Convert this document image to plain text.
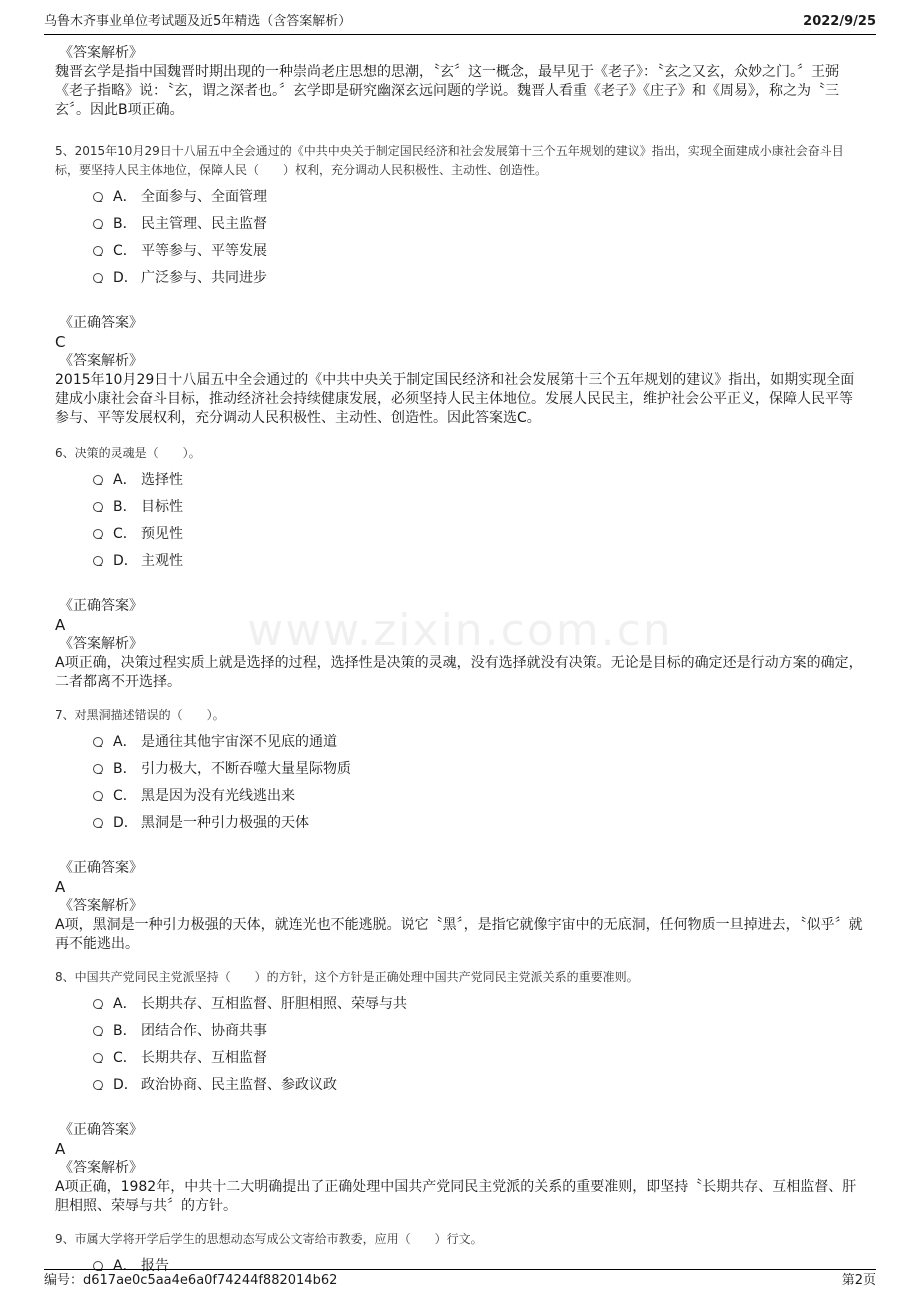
乌鲁木齐事业单位考试题及近5年精选（含答案解析）	2022/9/25
www.zixin.com.cn
《答案解析》
魏晋玄学是指中国魏晋时期出现的一种崇尚老庄思想的思潮，〝玄〞这一概念，最早见于《老子》：〝玄之又玄，众妙之门。〞王弼《老子指略》说：〝玄，谓之深者也。〞玄学即是研究幽深玄远问题的学说。魏晋人看重《老子》《庄子》和《周易》，称之为〝三玄〞。因此B项正确。
5、2015年10月29日十八届五中全会通过的《中共中央关于制定国民经济和社会发展第十三个五年规划的建议》指出，实现全面建成小康社会奋斗目标，要坚持人民主体地位，保障人民（　　）权利，充分调动人民积极性、主动性、创造性。
A． 全面参与、全面管理
B． 民主管理、民主监督
C． 平等参与、平等发展
D． 广泛参与、共同进步
《正确答案》
C
《答案解析》
2015年10月29日十八届五中全会通过的《中共中央关于制定国民经济和社会发展第十三个五年规划的建议》指出，如期实现全面建成小康社会奋斗目标，推动经济社会持续健康发展，必须坚持人民主体地位。发展人民民主，维护社会公平正义，保障人民平等参与、平等发展权利，充分调动人民积极性、主动性、创造性。因此答案选C。
6、决策的灵魂是（　　）。
A． 选择性
B． 目标性
C． 预见性
D． 主观性
《正确答案》
A
《答案解析》
A项正确，决策过程实质上就是选择的过程，选择性是决策的灵魂，没有选择就没有决策。无论是目标的确定还是行动方案的确定，二者都离不开选择。
7、对黑洞描述错误的（　　）。
A． 是通往其他宇宙深不见底的通道
B． 引力极大，不断吞噬大量星际物质
C． 黑是因为没有光线逃出来
D． 黑洞是一种引力极强的天体
《正确答案》
A
《答案解析》
A项，黑洞是一种引力极强的天体，就连光也不能逃脱。说它〝黑〞，是指它就像宇宙中的无底洞，任何物质一旦掉进去，〝似乎〞就再不能逃出。
8、中国共产党同民主党派坚持（　　）的方针，这个方针是正确处理中国共产党同民主党派关系的重要准则。
A． 长期共存、互相监督、肝胆相照、荣辱与共
B． 团结合作、协商共事
C． 长期共存、互相监督
D． 政治协商、民主监督、参政议政
《正确答案》
A
《答案解析》
A项正确，1982年，中共十二大明确提出了正确处理中国共产党同民主党派的关系的重要准则，即坚持〝长期共存、互相监督、肝胆相照、荣辱与共〞的方针。
9、市属大学将开学后学生的思想动态写成公文寄给市教委，应用（　　）行文。
A． 报告
编号：d617ae0c5aa4e6a0f74244f882014b62	第2页
